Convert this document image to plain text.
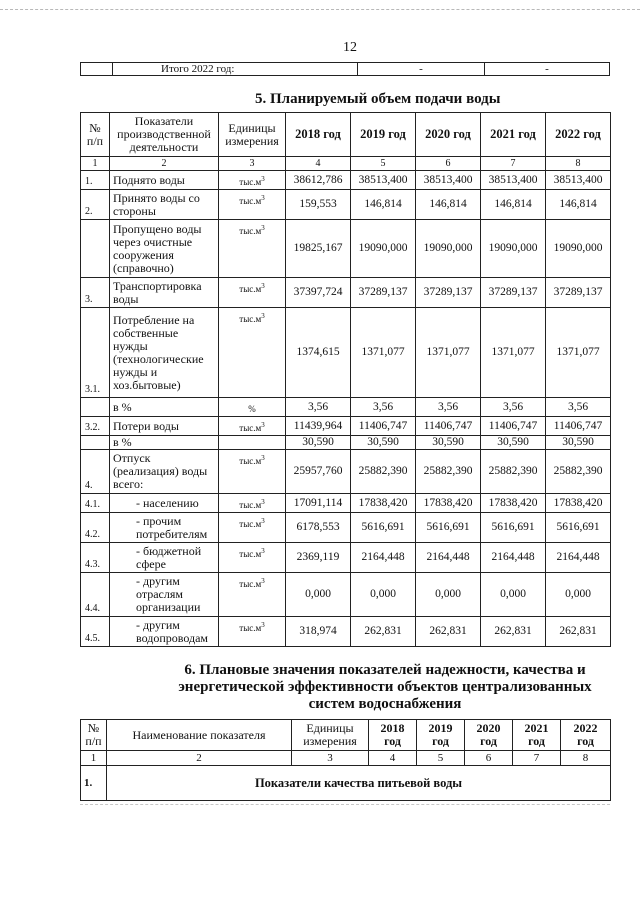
12
	Итого 2022 год:	-	-
5. Планируемый объем подачи воды
№ п/п	Показатели производственной деятельности	Единицы измерения	2018 год	2019 год	2020 год	2021 год	2022 год
1	2	3	4	5	6	7	8
1.	Поднято воды	$тыс.м^3$	38612,786	38513,400	38513,400	38513,400	38513,400
2.	Принято воды со стороны	$тыс.м^3$	159,553	146,814	146,814	146,814	146,814
	Пропущено воды через очистные сооружения (справочно)	$тыс.м^3$	19825,167	19090,000	19090,000	19090,000	19090,000
3.	Транспортировка воды	$тыс.м^3$	37397,724	37289,137	37289,137	37289,137	37289,137
3.1.	Потребление на собственные нужды (технологические нужды и хоз.бытовые)	$тыс.м^3$	1374,615	1371,077	1371,077	1371,077	1371,077
	в %	%	3,56	3,56	3,56	3,56	3,56
3.2.	Потери воды	$тыс.м^3$	11439,964	11406,747	11406,747	11406,747	11406,747
	в %		30,590	30,590	30,590	30,590	30,590
4.	Отпуск (реализация) воды всего:	$тыс.м^3$	25957,760	25882,390	25882,390	25882,390	25882,390
4.1.	- населению	$тыс.м^3$	17091,114	17838,420	17838,420	17838,420	17838,420
4.2.	- прочим потребителям	$тыс.м^3$	6178,553	5616,691	5616,691	5616,691	5616,691
4.3.	- бюджетной сфере	$тыс.м^3$	2369,119	2164,448	2164,448	2164,448	2164,448
4.4.	- другим отраслям организации	$тыс.м^3$	0,000	0,000	0,000	0,000	0,000
4.5.	- другим водопроводам	$тыс.м^3$	318,974	262,831	262,831	262,831	262,831
6. Плановые значения показателей надежности, качества и
энергетической эффективности объектов централизованных
систем водоснабжения
№ п/п	Наименование показателя	Единицы измерения	2018 год	2019 год	2020 год	2021 год	2022 год
1	2	3	4	5	6	7	8
1.	Показатели качества питьевой воды						
